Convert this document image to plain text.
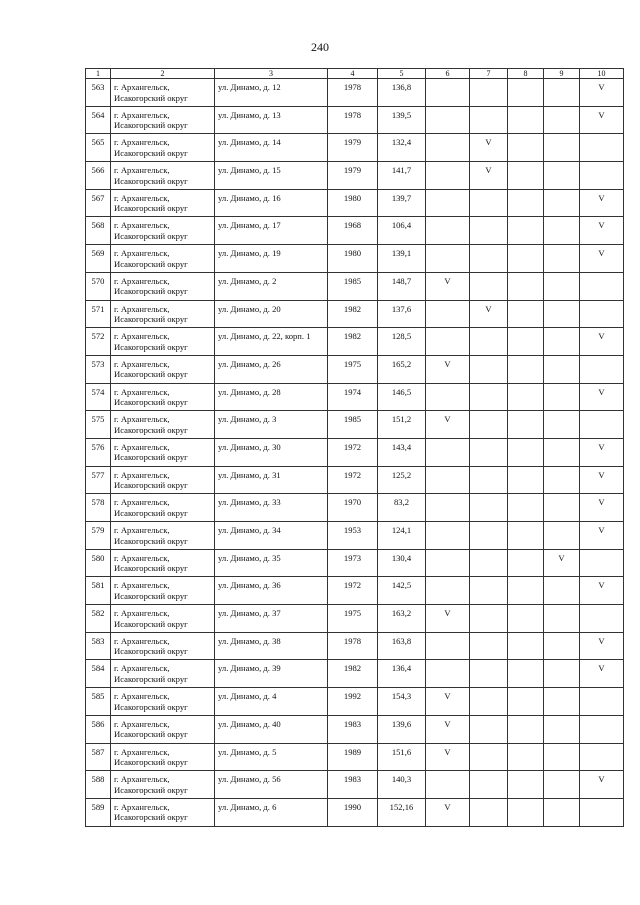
240
1	2	3	4	5	6	7	8	9	10
563	г. Архангельск, Исакогорский округ	ул. Динамо, д. 12	1978	136,8					V
564	г. Архангельск, Исакогорский округ	ул. Динамо, д. 13	1978	139,5					V
565	г. Архангельск, Исакогорский округ	ул. Динамо, д. 14	1979	132,4		V			
566	г. Архангельск, Исакогорский округ	ул. Динамо, д. 15	1979	141,7		V			
567	г. Архангельск, Исакогорский округ	ул. Динамо, д. 16	1980	139,7					V
568	г. Архангельск, Исакогорский округ	ул. Динамо, д. 17	1968	106,4					V
569	г. Архангельск, Исакогорский округ	ул. Динамо, д. 19	1980	139,1					V
570	г. Архангельск, Исакогорский округ	ул. Динамо, д. 2	1985	148,7	V				
571	г. Архангельск, Исакогорский округ	ул. Динамо, д. 20	1982	137,6		V			
572	г. Архангельск, Исакогорский округ	ул. Динамо, д. 22, корп. 1	1982	128,5					V
573	г. Архангельск, Исакогорский округ	ул. Динамо, д. 26	1975	165,2	V				
574	г. Архангельск, Исакогорский округ	ул. Динамо, д. 28	1974	146,5					V
575	г. Архангельск, Исакогорский округ	ул. Динамо, д. 3	1985	151,2	V				
576	г. Архангельск, Исакогорский округ	ул. Динамо, д. 30	1972	143,4					V
577	г. Архангельск, Исакогорский округ	ул. Динамо, д. 31	1972	125,2					V
578	г. Архангельск, Исакогорский округ	ул. Динамо, д. 33	1970	83,2					V
579	г. Архангельск, Исакогорский округ	ул. Динамо, д. 34	1953	124,1					V
580	г. Архангельск, Исакогорский округ	ул. Динамо, д. 35	1973	130,4				V	
581	г. Архангельск, Исакогорский округ	ул. Динамо, д. 36	1972	142,5					V
582	г. Архангельск, Исакогорский округ	ул. Динамо, д. 37	1975	163,2	V				
583	г. Архангельск, Исакогорский округ	ул. Динамо, д. 38	1978	163,8					V
584	г. Архангельск, Исакогорский округ	ул. Динамо, д. 39	1982	136,4					V
585	г. Архангельск, Исакогорский округ	ул. Динамо, д. 4	1992	154,3	V				
586	г. Архангельск, Исакогорский округ	ул. Динамо, д. 40	1983	139,6	V				
587	г. Архангельск, Исакогорский округ	ул. Динамо, д. 5	1989	151,6	V				
588	г. Архангельск, Исакогорский округ	ул. Динамо, д. 56	1983	140,3					V
589	г. Архангельск, Исакогорский округ	ул. Динамо, д. 6	1990	152,16	V				
